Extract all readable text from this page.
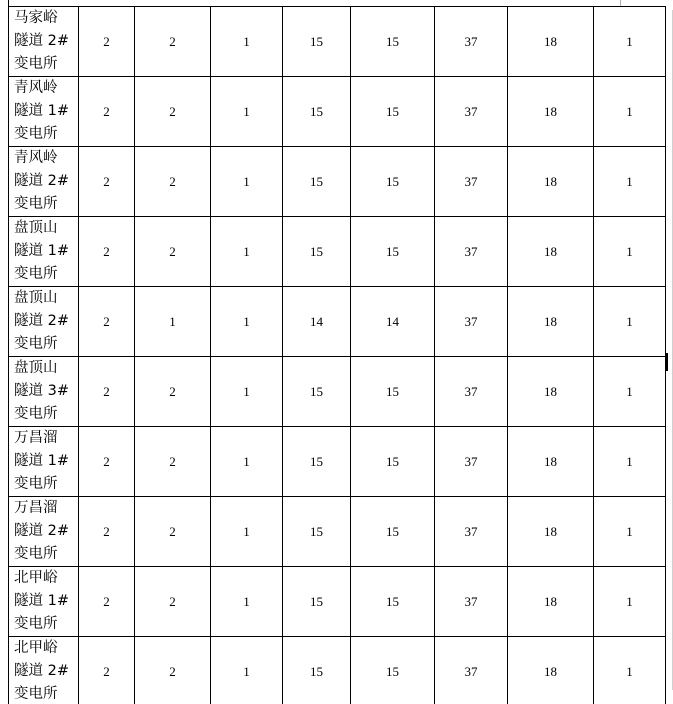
马家峪
隧道 2#
变电所	2	2	1	15	15	37	18	1

青风岭
隧道 1#
变电所	2	2	1	15	15	37	18	1

青风岭
隧道 2#
变电所	2	2	1	15	15	37	18	1

盘顶山
隧道 1#
变电所	2	2	1	15	15	37	18	1

盘顶山
隧道 2#
变电所	2	1	1	14	14	37	18	1

盘顶山
隧道 3#
变电所	2	2	1	15	15	37	18	1

万昌溜
隧道 1#
变电所	2	2	1	15	15	37	18	1

万昌溜
隧道 2#
变电所	2	2	1	15	15	37	18	1

北甲峪
隧道 1#
变电所	2	2	1	15	15	37	18	1

北甲峪
隧道 2#
变电所	2	2	1	15	15	37	18	1
